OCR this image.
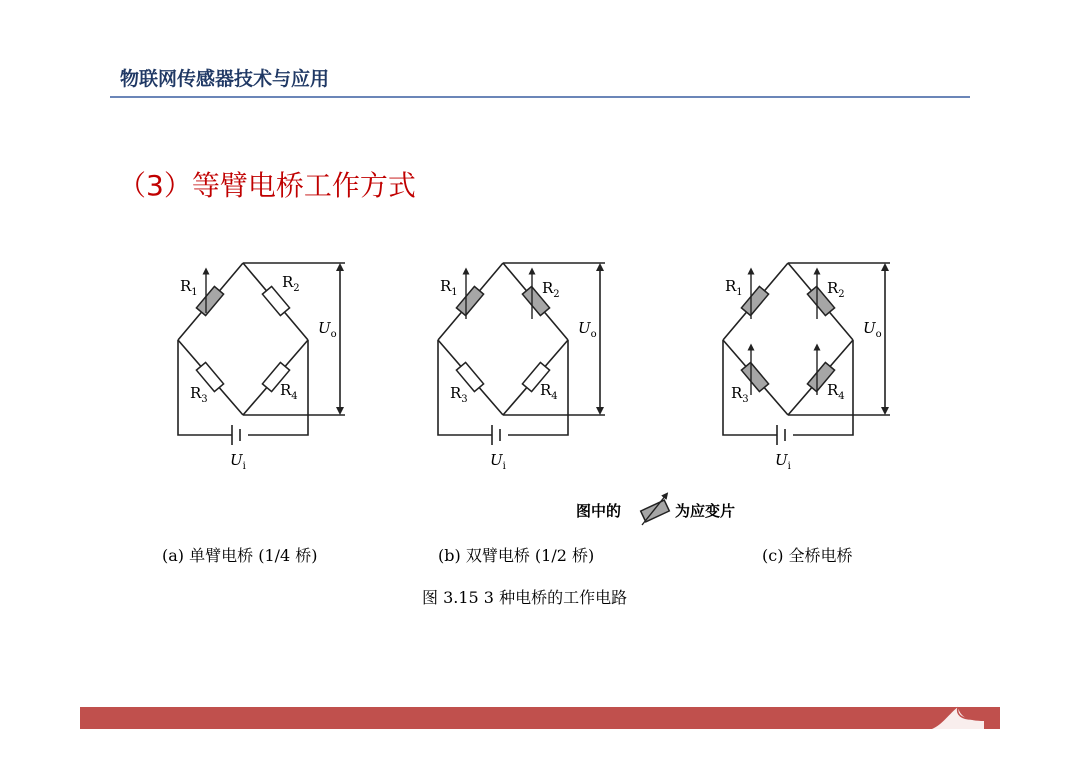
物联网传感器技术与应用
（3）等臂电桥工作方式
$R_1$
$R_2$
$R_3$
$R_4$
$U_o$
$U_i$
$R_1$	$R_2$
$R_3$
$R_4$
$U_o$
$U_i$
$R_1$	$R_2$
$R_3$
$R_4$
$U_o$
$U_i$
图中的	为应变片
(a) 单臂电桥 (1/4 桥)	(b) 双臂电桥 (1/2 桥)	(c) 全桥电桥
图 3.15 3 种电桥的工作电路
